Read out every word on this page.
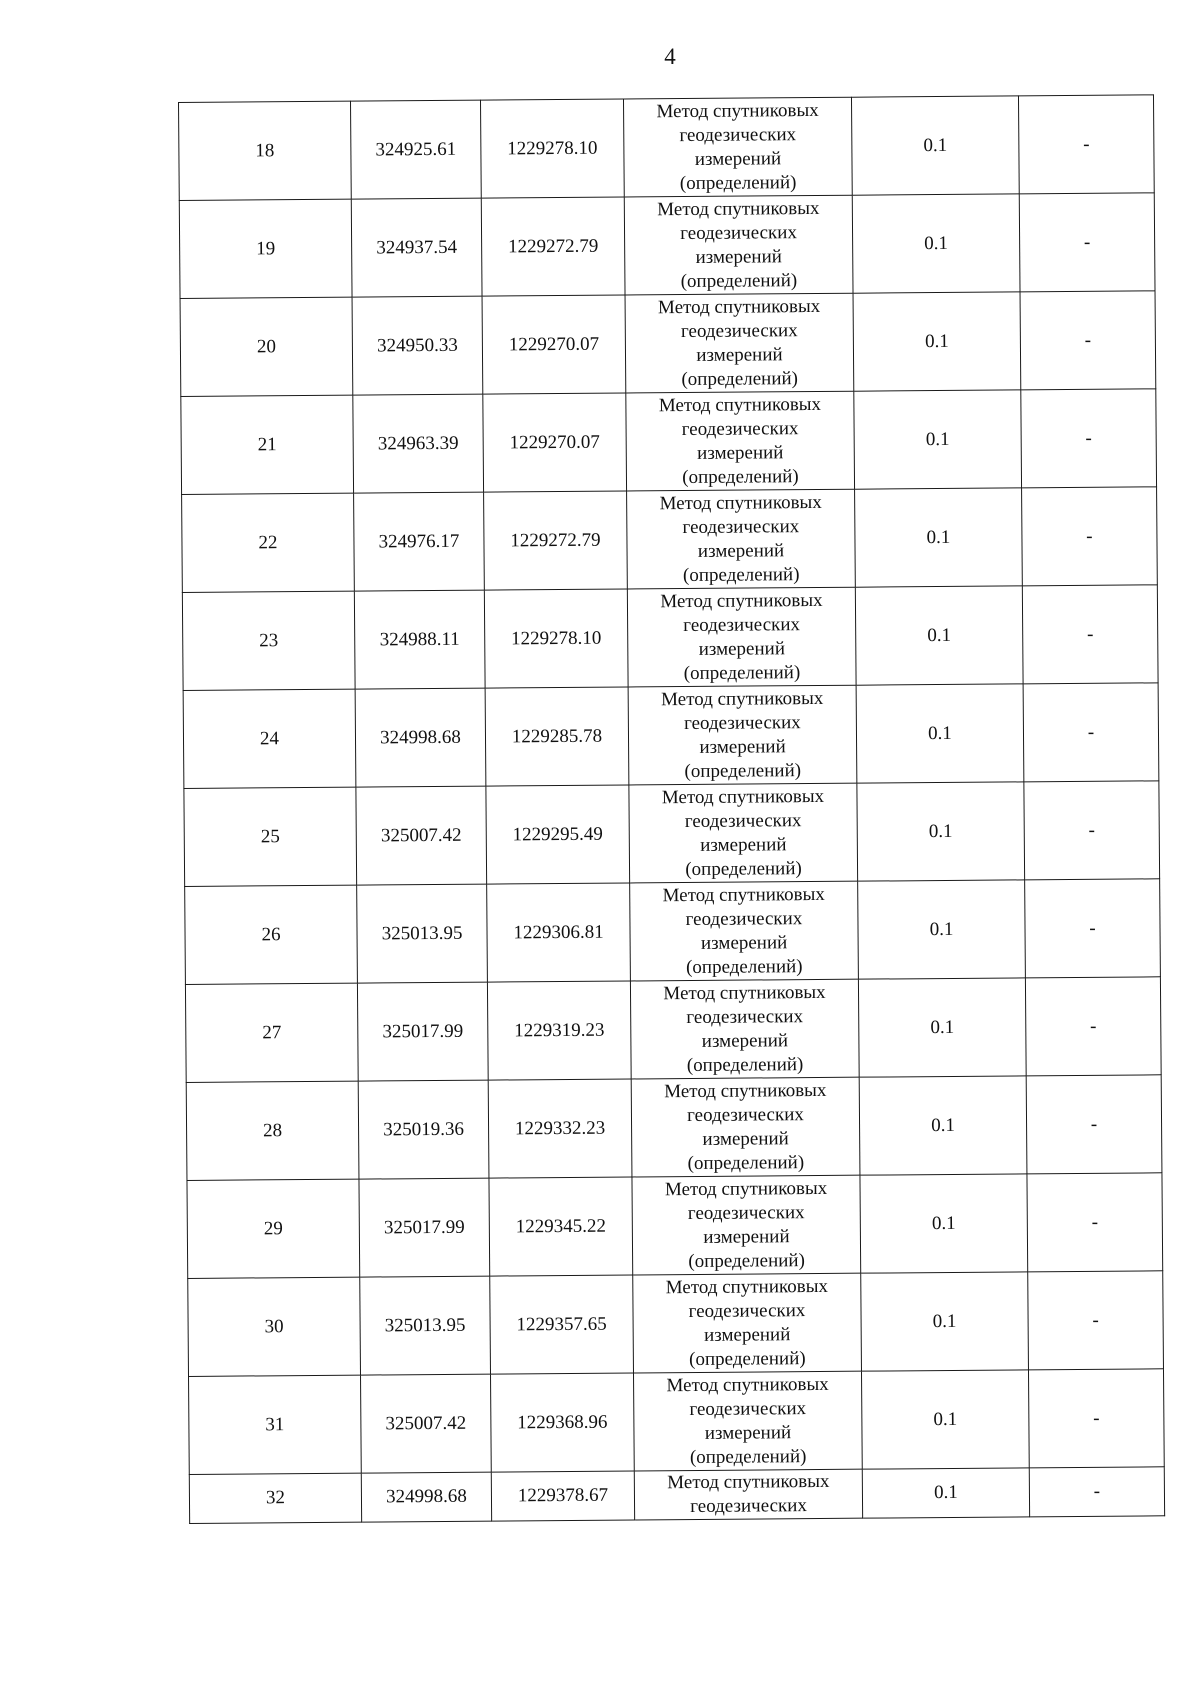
4
18	324925.61	1229278.10	Метод спутниковых
геодезических
измерений
(определений)	0.1	-
19	324937.54	1229272.79	Метод спутниковых
геодезических
измерений
(определений)	0.1	-
20	324950.33	1229270.07	Метод спутниковых
геодезических
измерений
(определений)	0.1	-
21	324963.39	1229270.07	Метод спутниковых
геодезических
измерений
(определений)	0.1	-
22	324976.17	1229272.79	Метод спутниковых
геодезических
измерений
(определений)	0.1	-
23	324988.11	1229278.10	Метод спутниковых
геодезических
измерений
(определений)	0.1	-
24	324998.68	1229285.78	Метод спутниковых
геодезических
измерений
(определений)	0.1	-
25	325007.42	1229295.49	Метод спутниковых
геодезических
измерений
(определений)	0.1	-
26	325013.95	1229306.81	Метод спутниковых
геодезических
измерений
(определений)	0.1	-
27	325017.99	1229319.23	Метод спутниковых
геодезических
измерений
(определений)	0.1	-
28	325019.36	1229332.23	Метод спутниковых
геодезических
измерений
(определений)	0.1	-
29	325017.99	1229345.22	Метод спутниковых
геодезических
измерений
(определений)	0.1	-
30	325013.95	1229357.65	Метод спутниковых
геодезических
измерений
(определений)	0.1	-
31	325007.42	1229368.96	Метод спутниковых
геодезических
измерений
(определений)	0.1	-
32	324998.68	1229378.67	Метод спутниковых
геодезических	0.1	-
